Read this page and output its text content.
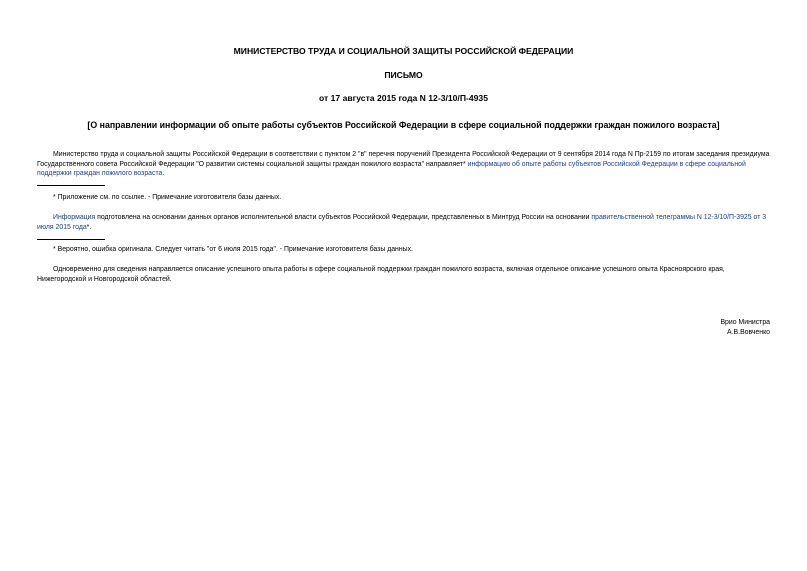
МИНИСТЕРСТВО ТРУДА И СОЦИАЛЬНОЙ ЗАЩИТЫ РОССИЙСКОЙ ФЕДЕРАЦИИ
ПИСЬМО
от 17 августа 2015 года N 12-3/10/П-4935
[О направлении информации об опыте работы субъектов Российской Федерации в сфере социальной поддержки граждан пожилого возраста]
Министерство труда и социальной защиты Российской Федерации в соответствии с пунктом 2 "в" перечня поручений Президента Российской Федерации от 9 сентября 2014 года N Пр-2159 по итогам заседания президиума Государственного совета Российской Федерации "О развитии системы социальной защиты граждан пожилого возраста" направляет* информацию об опыте работы субъектов Российской Федерации в сфере социальной поддержки граждан пожилого возраста.
* Приложение см. по ссылке. - Примечание изготовителя базы данных.
Информация подготовлена на основании данных органов исполнительной власти субъектов Российской Федерации, представленных в Минтруд России на основании правительственной телеграммы N 12-3/10/П-3925 от 3 июля 2015 года*.
* Вероятно, ошибка оригинала. Следует читать "от 6 июля 2015 года". - Примечание изготовителя базы данных.
Одновременно для сведения направляется описание успешного опыта работы в сфере социальной поддержки граждан пожилого возраста, включая отдельное описание успешного опыта Красноярского края, Нижегородской и Новгородской областей.
Врио Министра
А.В.Вовченко
